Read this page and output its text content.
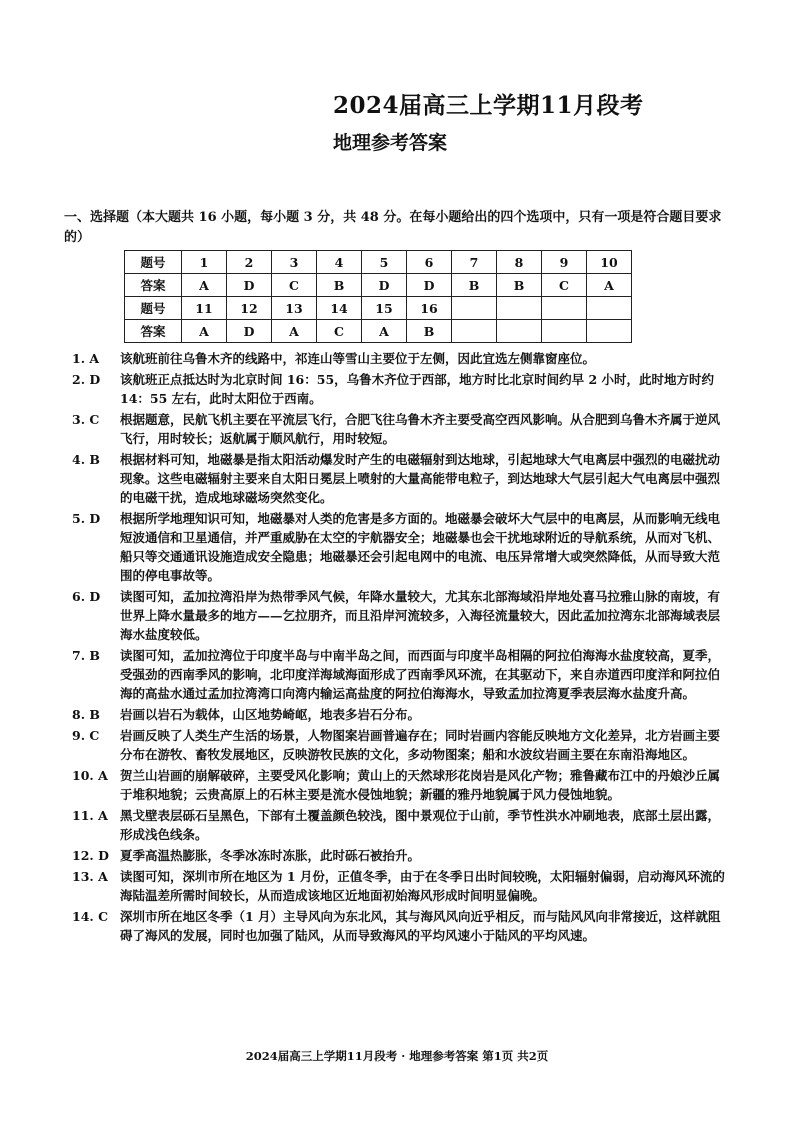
2024届高三上学期11月段考
地理参考答案
一、选择题（本大题共 16 小题，每小题 3 分，共 48 分。在每小题给出的四个选项中，只有一项是符合题目要求的）
题号	1	2	3	4	5	6	7	8	9	10
答案	A	D	C	B	D	D	B	B	C	A
题号	11	12	13	14	15	16				
答案	A	D	A	C	A	B				
1. A	该航班前往乌鲁木齐的线路中，祁连山等雪山主要位于左侧，因此宜选左侧靠窗座位。
2. D	该航班正点抵达时为北京时间 16：55，乌鲁木齐位于西部，地方时比北京时间约早 2 小时，此时地方时约 14：55 左右，此时太阳位于西南。
3. C	根据题意，民航飞机主要在平流层飞行，合肥飞往乌鲁木齐主要受高空西风影响。从合肥到乌鲁木齐属于逆风飞行，用时较长；返航属于顺风航行，用时较短。
4. B	根据材料可知，地磁暴是指太阳活动爆发时产生的电磁辐射到达地球，引起地球大气电离层中强烈的电磁扰动现象。这些电磁辐射主要来自太阳日冕层上喷射的大量高能带电粒子，到达地球大气层引起大气电离层中强烈的电磁干扰，造成地球磁场突然变化。
5. D	根据所学地理知识可知，地磁暴对人类的危害是多方面的。地磁暴会破坏大气层中的电离层，从而影响无线电短波通信和卫星通信，并严重威胁在太空的宇航器安全；地磁暴也会干扰地球附近的导航系统，从而对飞机、船只等交通通讯设施造成安全隐患；地磁暴还会引起电网中的电流、电压异常增大或突然降低，从而导致大范围的停电事故等。
6. D	读图可知，孟加拉湾沿岸为热带季风气候，年降水量较大，尤其东北部海域沿岸地处喜马拉雅山脉的南坡，有世界上降水量最多的地方——乞拉朋齐，而且沿岸河流较多，入海径流量较大，因此孟加拉湾东北部海域表层海水盐度较低。
7. B	读图可知，孟加拉湾位于印度半岛与中南半岛之间，而西面与印度半岛相隔的阿拉伯海海水盐度较高，夏季，受强劲的西南季风的影响，北印度洋海域海面形成了西南季风环流，在其驱动下，来自赤道西印度洋和阿拉伯海的高盐水通过孟加拉湾湾口向湾内输运高盐度的阿拉伯海海水，导致孟加拉湾夏季表层海水盐度升高。
8. B	岩画以岩石为载体，山区地势崎岖，地表多岩石分布。
9. C	岩画反映了人类生产生活的场景，人物图案岩画普遍存在；同时岩画内容能反映地方文化差异，北方岩画主要分布在游牧、畜牧发展地区，反映游牧民族的文化，多动物图案；船和水波纹岩画主要在东南沿海地区。
10. A 贺兰山岩画的崩解破碎，主要受风化影响；黄山上的天然球形花岗岩是风化产物；雅鲁藏布江中的丹娘沙丘属于堆积地貌；云贵高原上的石林主要是流水侵蚀地貌；新疆的雅丹地貌属于风力侵蚀地貌。
11. A 黑戈壁表层砾石呈黑色，下部有土覆盖颜色较浅，图中景观位于山前，季节性洪水冲刷地表，底部土层出露，形成浅色线条。
12. D 夏季高温热膨胀，冬季冰冻时冻胀，此时砾石被抬升。
13. A 读图可知，深圳市所在地区为 1 月份，正值冬季，由于在冬季日出时间较晚，太阳辐射偏弱，启动海风环流的海陆温差所需时间较长，从而造成该地区近地面初始海风形成时间明显偏晚。
14. C 深圳市所在地区冬季（1 月）主导风向为东北风，其与海风风向近乎相反，而与陆风风向非常接近，这样就阻碍了海风的发展，同时也加强了陆风，从而导致海风的平均风速小于陆风的平均风速。
2024届高三上学期11月段考 · 地理参考答案 第1页 共2页
